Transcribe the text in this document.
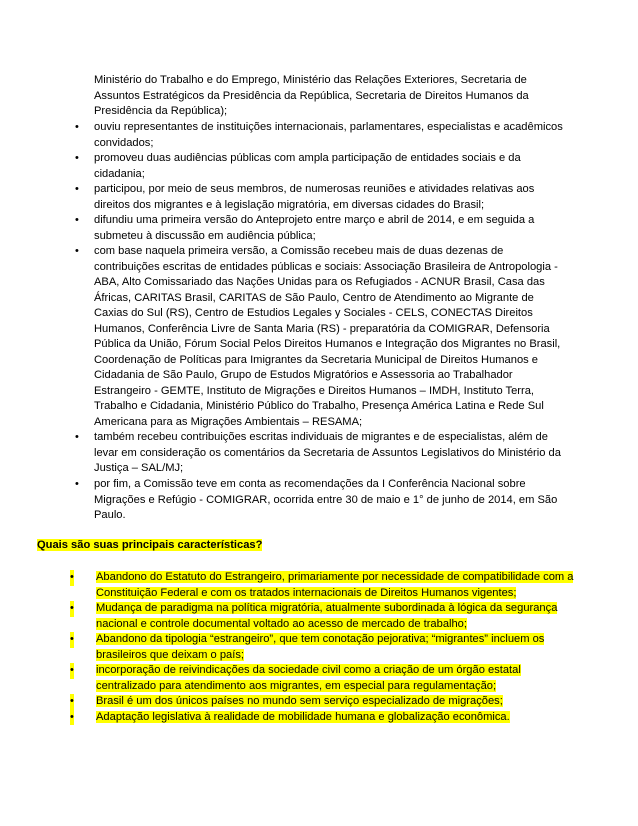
Ministério do Trabalho e do Emprego, Ministério das Relações Exteriores, Secretaria de Assuntos Estratégicos da Presidência da República, Secretaria de Direitos Humanos da Presidência da República);
• ouviu representantes de instituições internacionais, parlamentares, especialistas e acadêmicos convidados;
• promoveu duas audiências públicas com ampla participação de entidades sociais e da cidadania;
• participou, por meio de seus membros, de numerosas reuniões e atividades relativas aos direitos dos migrantes e à legislação migratória, em diversas cidades do Brasil;
• difundiu uma primeira versão do Anteprojeto entre março e abril de 2014, e em seguida a submeteu à discussão em audiência pública;
• com base naquela primeira versão, a Comissão recebeu mais de duas dezenas de contribuições escritas de entidades públicas e sociais: Associação Brasileira de Antropologia - ABA, Alto Comissariado das Nações Unidas para os Refugiados - ACNUR Brasil, Casa das Áfricas, CARITAS Brasil, CARITAS de São Paulo, Centro de Atendimento ao Migrante de Caxias do Sul (RS), Centro de Estudios Legales y Sociales - CELS, CONECTAS Direitos Humanos, Conferência Livre de Santa Maria (RS) - preparatória da COMIGRAR, Defensoria Pública da União, Fórum Social Pelos Direitos Humanos e Integração dos Migrantes no Brasil, Coordenação de Políticas para Imigrantes da Secretaria Municipal de Direitos Humanos e Cidadania de São Paulo, Grupo de Estudos Migratórios e Assessoria ao Trabalhador Estrangeiro - GEMTE, Instituto de Migrações e Direitos Humanos – IMDH, Instituto Terra, Trabalho e Cidadania, Ministério Público do Trabalho, Presença América Latina e Rede Sul Americana para as Migrações Ambientais – RESAMA;
• também recebeu contribuições escritas individuais de migrantes e de especialistas, além de levar em consideração os comentários da Secretaria de Assuntos Legislativos do Ministério da Justiça – SAL/MJ;
• por fim, a Comissão teve em conta as recomendações da I Conferência Nacional sobre Migrações e Refúgio - COMIGRAR, ocorrida entre 30 de maio e 1° de junho de 2014, em São Paulo.
Quais são suas principais características?
• Abandono do Estatuto do Estrangeiro, primariamente por necessidade de compatibilidade com a Constituição Federal e com os tratados internacionais de Direitos Humanos vigentes;
• Mudança de paradigma na política migratória, atualmente subordinada à lógica da segurança nacional e controle documental voltado ao acesso de mercado de trabalho;
• Abandono da tipologia “estrangeiro”, que tem conotação pejorativa; “migrantes” incluem os brasileiros que deixam o país;
• incorporação de reivindicações da sociedade civil como a criação de um órgão estatal centralizado para atendimento aos migrantes, em especial para regulamentação;
• Brasil é um dos únicos países no mundo sem serviço especializado de migrações;
• Adaptação legislativa à realidade de mobilidade humana e globalização econômica.
